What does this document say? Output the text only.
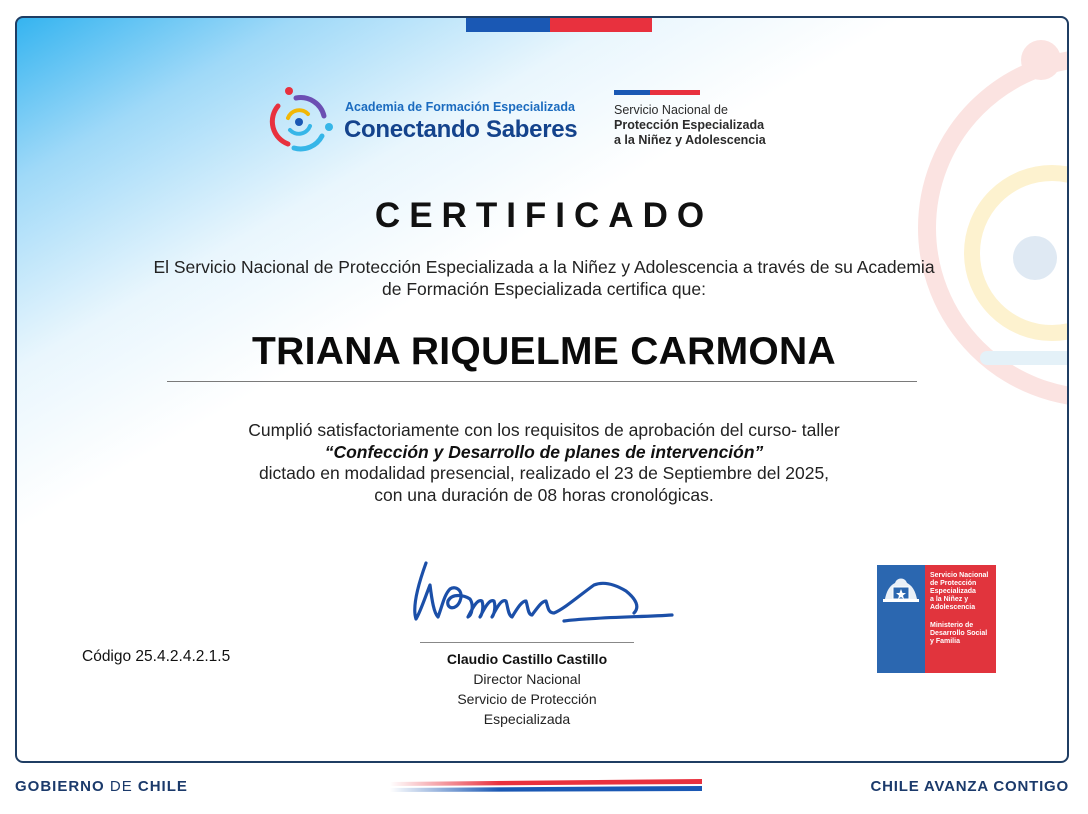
Academia de Formación Especializada
Conectando Saberes
Servicio Nacional de
Protección Especializada
a la Niñez y Adolescencia
CERTIFICADO
El Servicio Nacional de Protección Especializada a la Niñez y Adolescencia a través de su Academia de Formación Especializada certifica que:
TRIANA RIQUELME CARMONA
Cumplió satisfactoriamente con los requisitos de aprobación del curso- taller
“Confección y Desarrollo de planes de intervención”
dictado en modalidad presencial, realizado el 23 de Septiembre del 2025,
con una duración de 08 horas cronológicas.
Código 25.4.2.4.2.1.5	Claudio Castillo Castillo
Director Nacional
Servicio de Protección
Especializada
Servicio Nacional
de Protección
Especializada
a la Niñez y
Adolescencia
Ministerio de
Desarrollo Social
y Familia
GOBIERNO DE CHILE	CHILE AVANZA CONTIGO
